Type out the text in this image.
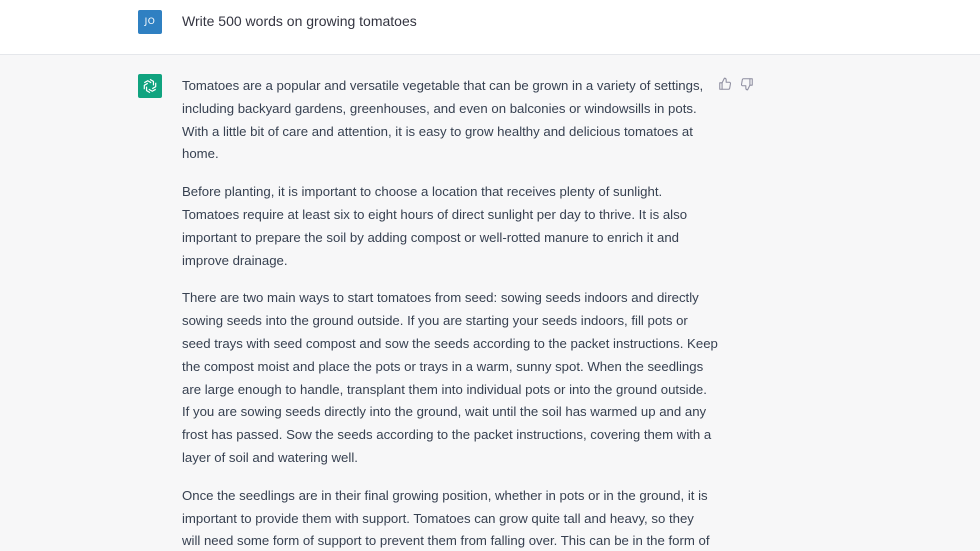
JO	Write 500 words on growing tomatoes

Tomatoes are a popular and versatile vegetable that can be grown in a variety of settings,
including backyard gardens, greenhouses, and even on balconies or windowsills in pots.
With a little bit of care and attention, it is easy to grow healthy and delicious tomatoes at
home.

Before planting, it is important to choose a location that receives plenty of sunlight.
Tomatoes require at least six to eight hours of direct sunlight per day to thrive. It is also
important to prepare the soil by adding compost or well-rotted manure to enrich it and
improve drainage.

There are two main ways to start tomatoes from seed: sowing seeds indoors and directly
sowing seeds into the ground outside. If you are starting your seeds indoors, fill pots or
seed trays with seed compost and sow the seeds according to the packet instructions. Keep
the compost moist and place the pots or trays in a warm, sunny spot. When the seedlings
are large enough to handle, transplant them into individual pots or into the ground outside.
If you are sowing seeds directly into the ground, wait until the soil has warmed up and any
frost has passed. Sow the seeds according to the packet instructions, covering them with a
layer of soil and watering well.

Once the seedlings are in their final growing position, whether in pots or in the ground, it is
important to provide them with support. Tomatoes can grow quite tall and heavy, so they
will need some form of support to prevent them from falling over. This can be in the form of
